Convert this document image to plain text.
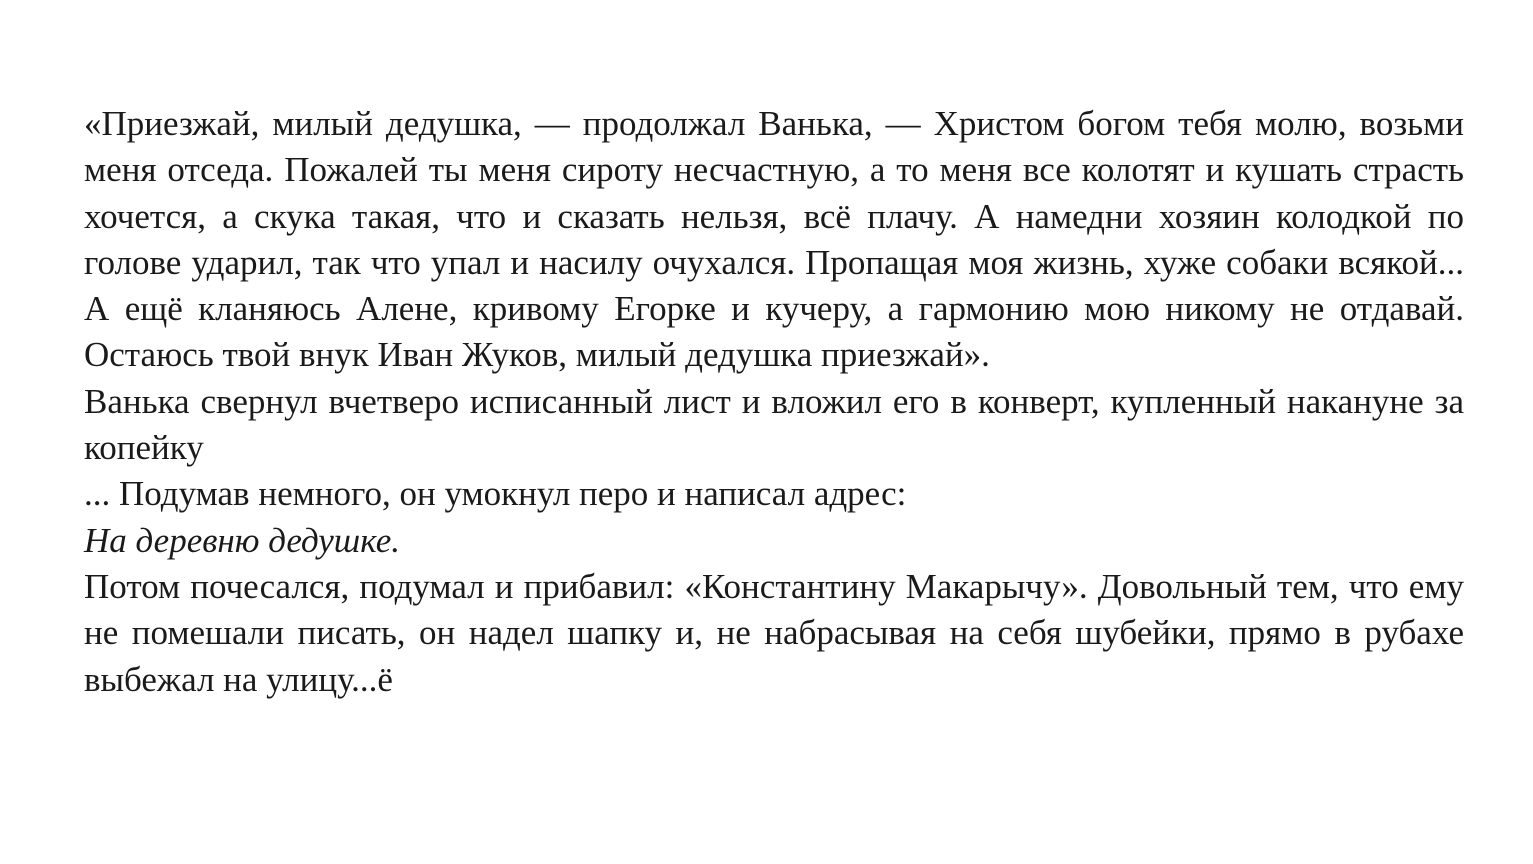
«Приезжай, милый дедушка, — продолжал Ванька, — Христом богом тебя молю, возьми меня отседа. Пожалей ты меня сироту несчастную, а то меня все колотят и кушать страсть хочется, а скука такая, что и сказать нельзя, всё плачу. А намедни хозяин колодкой по голове ударил, так что упал и насилу очухался. Пропащая моя жизнь, хуже собаки всякой... А ещё кланяюсь Алене, кривому Егорке и кучеру, а гармонию мою никому не отдавай. Остаюсь твой внук Иван Жуков, милый дедушка приезжай».

Ванька свернул вчетверо исписанный лист и вложил его в конверт, купленный накануне за копейку

... Подумав немного, он умокнул перо и написал адрес:

На деревню дедушке.

Потом почесался, подумал и прибавил: «Константину Макарычу». Довольный тем, что ему не помешали писать, он надел шапку и, не набрасывая на себя шубейки, прямо в рубахе выбежал на улицу...ё
